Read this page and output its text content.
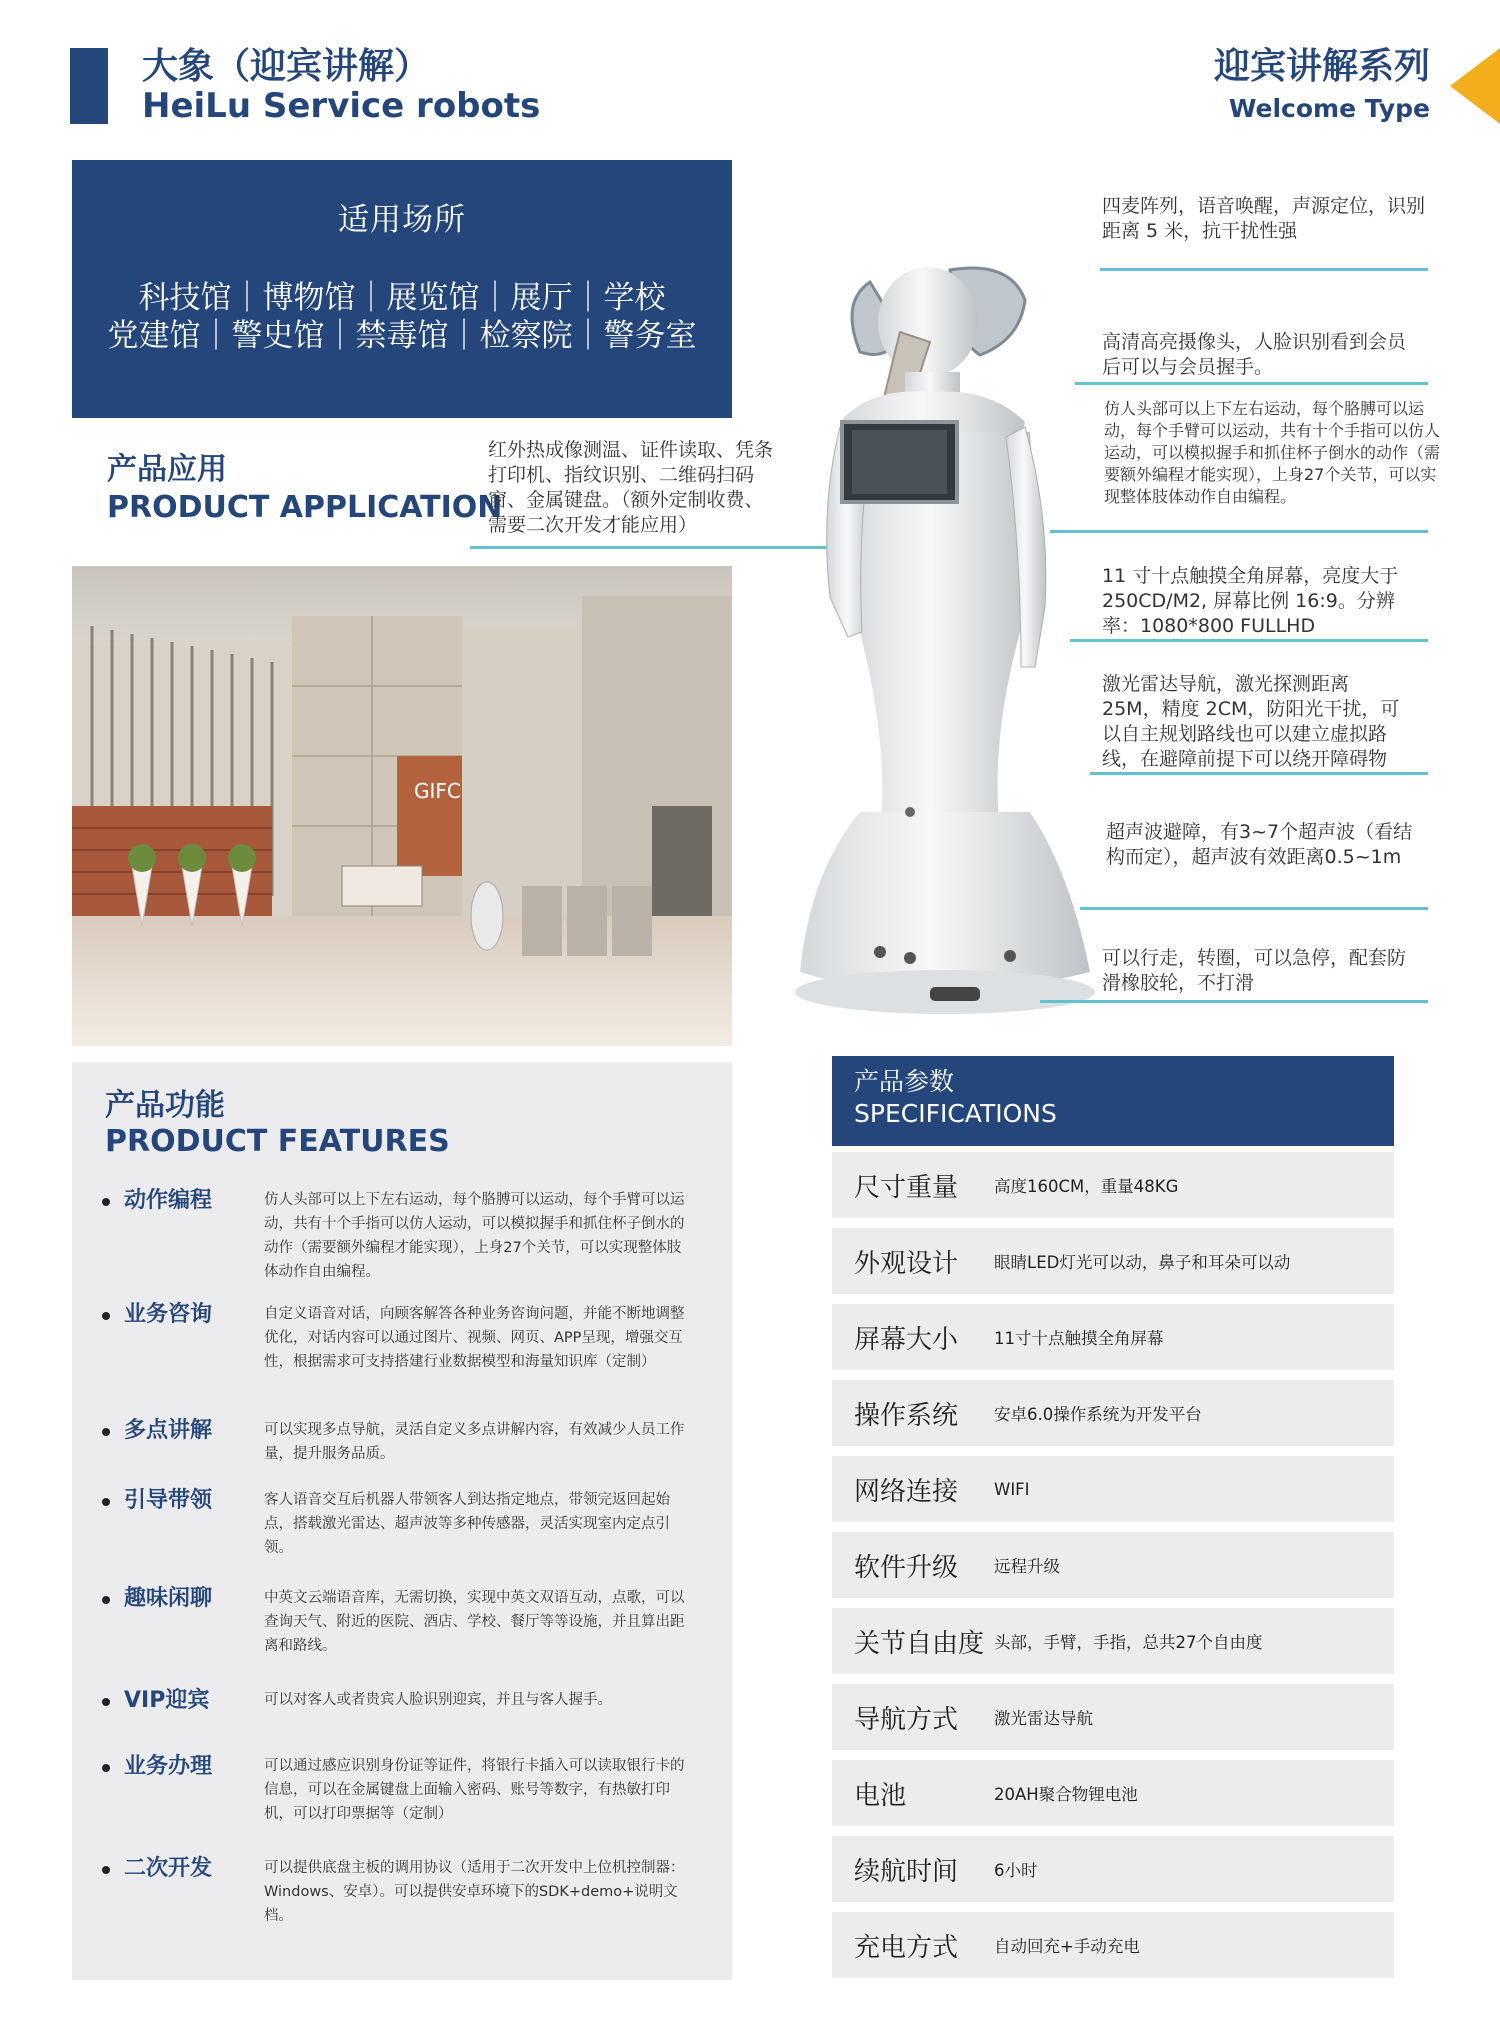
大象（迎宾讲解）
HeiLu Service robots
迎宾讲解系列
Welcome Type
适用场所
科技馆｜博物馆｜展览馆｜展厅｜学校
党建馆｜警史馆｜禁毒馆｜检察院｜警务室
产品应用
PRODUCT APPLICATION
红外热成像测温、证件读取、凭条打印机、指纹识别、二维码扫码窗、金属键盘。（额外定制收费、需要二次开发才能应用）
GIFC
四麦阵列，语音唤醒，声源定位，识别距离 5 米，抗干扰性强
高清高亮摄像头，人脸识别看到会员后可以与会员握手。
仿人头部可以上下左右运动，每个胳膊可以运动，每个手臂可以运动，共有十个手指可以仿人运动，可以模拟握手和抓住杯子倒水的动作（需要额外编程才能实现），上身27个关节，可以实现整体肢体动作自由编程。
11 寸十点触摸全角屏幕，亮度大于 250CD/M2, 屏幕比例 16:9。分辨率：1080*800 FULLHD
激光雷达导航，激光探测距离 25M，精度 2CM，防阳光干扰，可以自主规划路线也可以建立虚拟路线，在避障前提下可以绕开障碍物
超声波避障，有3~7个超声波（看结构而定），超声波有效距离0.5~1m
可以行走，转圈，可以急停，配套防滑橡胶轮，不打滑
产品功能
PRODUCT FEATURES
动作编程	仿人头部可以上下左右运动，每个胳膊可以运动，每个手臂可以运动，共有十个手指可以仿人运动，可以模拟握手和抓住杯子倒水的动作（需要额外编程才能实现），上身27个关节，可以实现整体肢体动作自由编程。
业务咨询	自定义语音对话，向顾客解答各种业务咨询问题，并能不断地调整优化，对话内容可以通过图片、视频、网页、APP呈现，增强交互性，根据需求可支持搭建行业数据模型和海量知识库（定制）
多点讲解	可以实现多点导航，灵活自定义多点讲解内容，有效减少人员工作量，提升服务品质。
引导带领	客人语音交互后机器人带领客人到达指定地点，带领完返回起始点，搭载激光雷达、超声波等多种传感器，灵活实现室内定点引领。
趣味闲聊	中英文云端语音库，无需切换，实现中英文双语互动，点歌，可以查询天气、附近的医院、酒店、学校、餐厅等等设施，并且算出距离和路线。
VIP迎宾	可以对客人或者贵宾人脸识别迎宾，并且与客人握手。
业务办理	可以通过感应识别身份证等证件，将银行卡插入可以读取银行卡的信息，可以在金属键盘上面输入密码、账号等数字，有热敏打印机，可以打印票据等（定制）
二次开发	可以提供底盘主板的调用协议（适用于二次开发中上位机控制器： Windows、安卓）。可以提供安卓环境下的SDK+demo+说明文档。
产品参数
SPECIFICATIONS
尺寸重量	高度160CM，重量48KG
外观设计	眼睛LED灯光可以动，鼻子和耳朵可以动
屏幕大小	11寸十点触摸全角屏幕
操作系统	安卓6.0操作系统为开发平台
网络连接	WIFI
软件升级	远程升级
关节自由度 头部，手臂，手指，总共27个自由度
导航方式	激光雷达导航
电池	20AH聚合物锂电池
续航时间	6小时
充电方式	自动回充+手动充电
